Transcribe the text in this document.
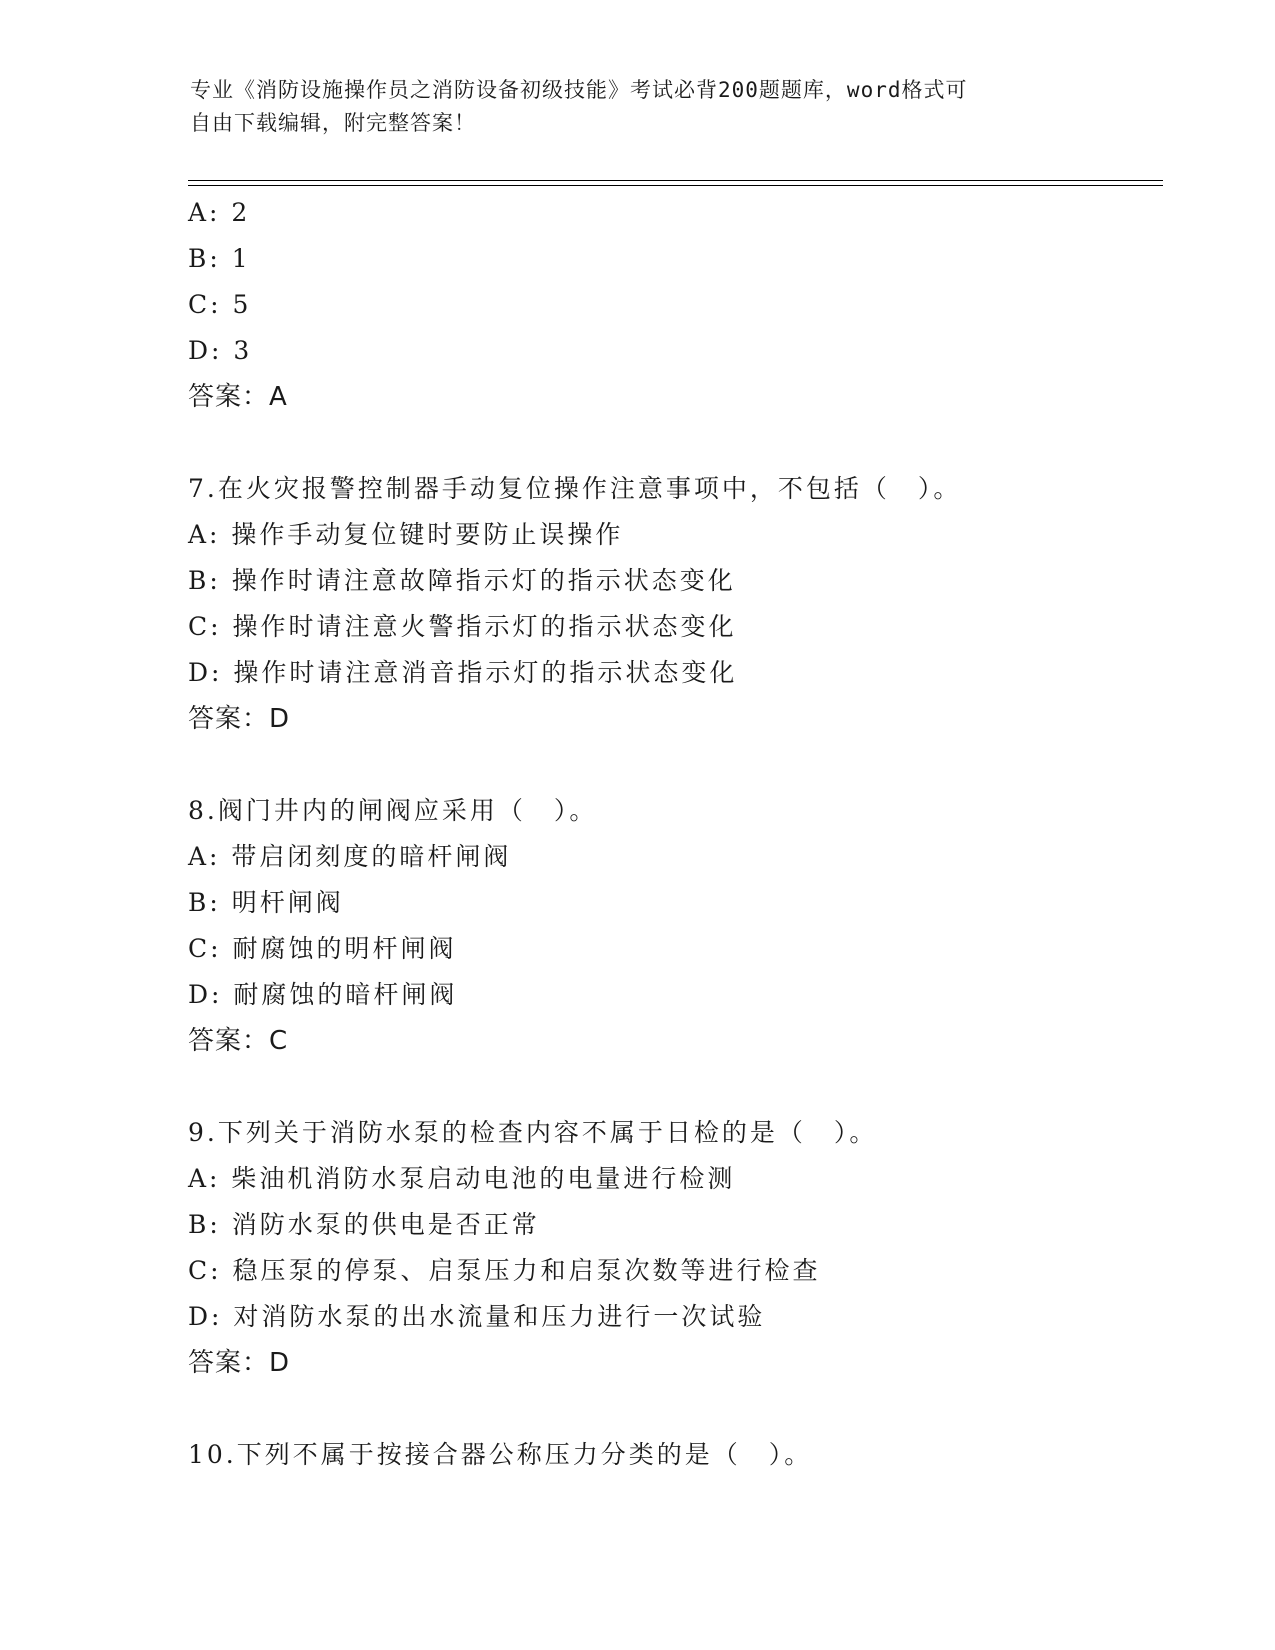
专业《消防设施操作员之消防设备初级技能》考试必背200题题库，word格式可
自由下载编辑，附完整答案！
A: 2
B: 1
C: 5
D: 3
答案：A
7.在火灾报警控制器手动复位操作注意事项中，不包括（　）。
A: 操作手动复位键时要防止误操作
B: 操作时请注意故障指示灯的指示状态变化
C: 操作时请注意火警指示灯的指示状态变化
D: 操作时请注意消音指示灯的指示状态变化
答案：D
8.阀门井内的闸阀应采用（　）。
A: 带启闭刻度的暗杆闸阀
B: 明杆闸阀
C: 耐腐蚀的明杆闸阀
D: 耐腐蚀的暗杆闸阀
答案：C
9.下列关于消防水泵的检查内容不属于日检的是（　）。
A: 柴油机消防水泵启动电池的电量进行检测
B: 消防水泵的供电是否正常
C: 稳压泵的停泵、启泵压力和启泵次数等进行检查
D: 对消防水泵的出水流量和压力进行一次试验
答案：D
10.下列不属于按接合器公称压力分类的是（　）。
